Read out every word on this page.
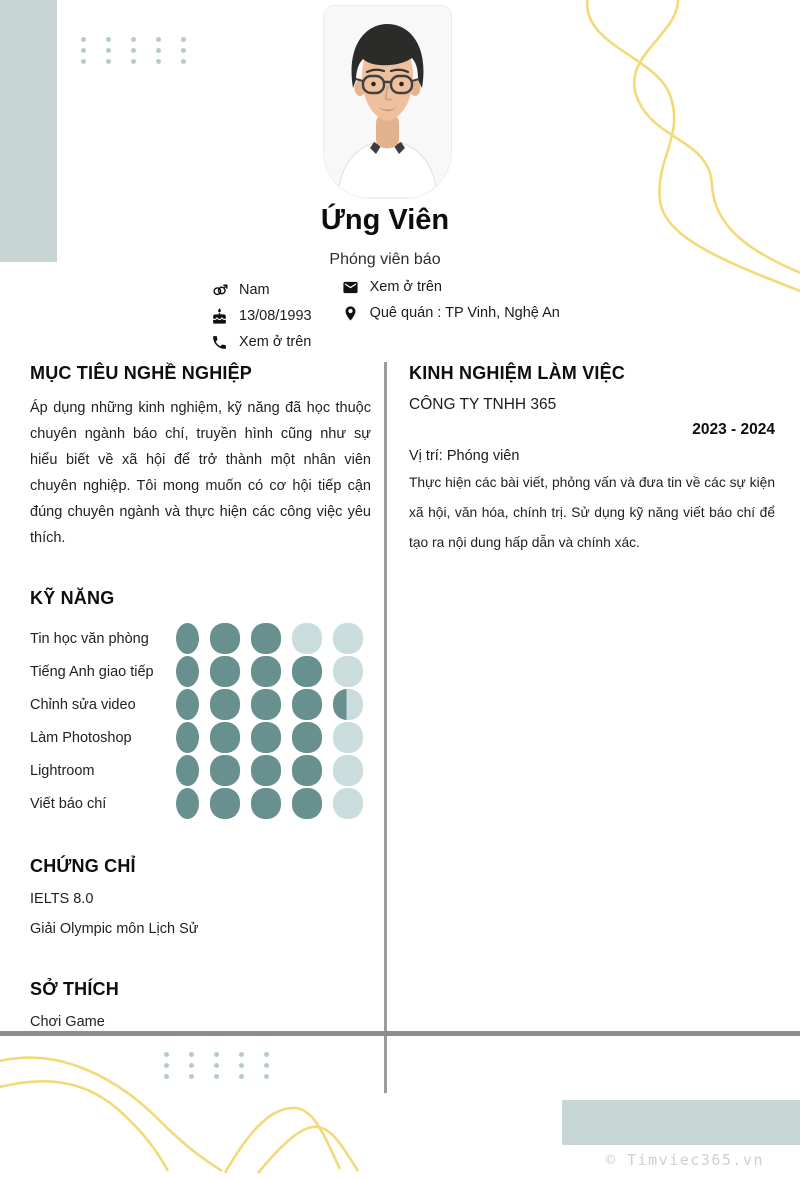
Ứng Viên
Phóng viên báo
Nam
13/08/1993
Xem ở trên
Xem ở trên
Quê quán : TP Vinh, Nghệ An
MỤC TIÊU NGHỀ NGHIỆP

Áp dụng những kinh nghiệm, kỹ năng đã học thuộc chuyên ngành báo chí, truyền hình cũng như sự hiểu biết về xã hội để trở thành một nhân viên chuyên nghiệp. Tôi mong muốn có cơ hội tiếp cận đúng chuyên ngành và thực hiện các công việc yêu thích.

KỸ NĂNG
Tin học văn phòng
Tiếng Anh giao tiếp
Chỉnh sửa video
Làm Photoshop
Lightroom
Viết báo chí
CHỨNG CHỈ
IELTS 8.0
Giải Olympic môn Lịch Sử
SỞ THÍCH
Chơi Game
KINH NGHIỆM LÀM VIỆC
CÔNG TY TNHH 365
2023 - 2024
Vị trí: Phóng viên

Thực hiện các bài viết, phỏng vấn và đưa tin về các sự kiện xã hội, văn hóa, chính trị. Sử dụng kỹ năng viết báo chí để tạo ra nội dung hấp dẫn và chính xác.

© Timviec365.vn
